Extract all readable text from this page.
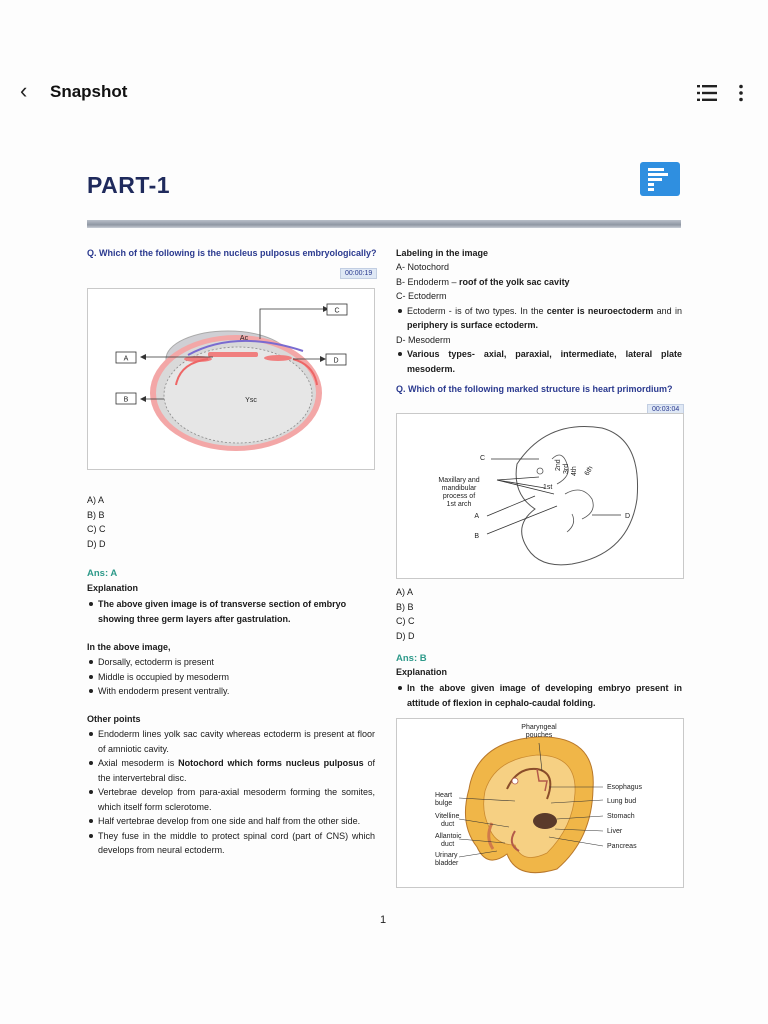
‹ Snapshot
PART-1
Q. Which of the following is the nucleus pulposus embryologically?
00:00:19
C
A	D
B
Ac
Ysc
A) A
B) B
C) C
D) D
Ans: A
Explanation
The above given image is of transverse section of embryo showing three germ layers after gastrulation.
In the above image,
Dorsally, ectoderm is present
Middle is occupied by mesoderm
With endoderm present ventrally.
Other points
Endoderm lines yolk sac cavity whereas ectoderm is present at floor of amniotic cavity.
Axial mesoderm is Notochord which forms nucleus pulposus of the intervertebral disc.
Vertebrae develop from para-axial mesoderm forming the somites, which itself form sclerotome.
Half vertebrae develop from one side and half from the other side.
They fuse in the middle to protect spinal cord (part of CNS) which develops from neural ectoderm.
Labeling in the image
A- Notochord
B- Endoderm – roof of the yolk sac cavity
C- Ectoderm
Ectoderm - is of two types. In the center is neuroectoderm and in periphery is surface ectoderm.
D- Mesoderm
Various types- axial, paraxial, intermediate, lateral plate mesoderm.
Q. Which of the following marked structure is heart primordium?
00:03:04
C
Maxillary and
mandibular
process of
1st arch
A
B
D
1st
2nd 3rd 4th 6th
A) A
B) B
C) C
D) D
Ans: B
Explanation
In the above given image of developing embryo present in attitude of flexion in cephalo-caudal folding.
Pharyngeal
pouches
Heart
bulge
Vitelline
duct
Allantoic
duct
Urinary
bladder
Esophagus
Lung bud
Stomach
Liver
Pancreas
1
